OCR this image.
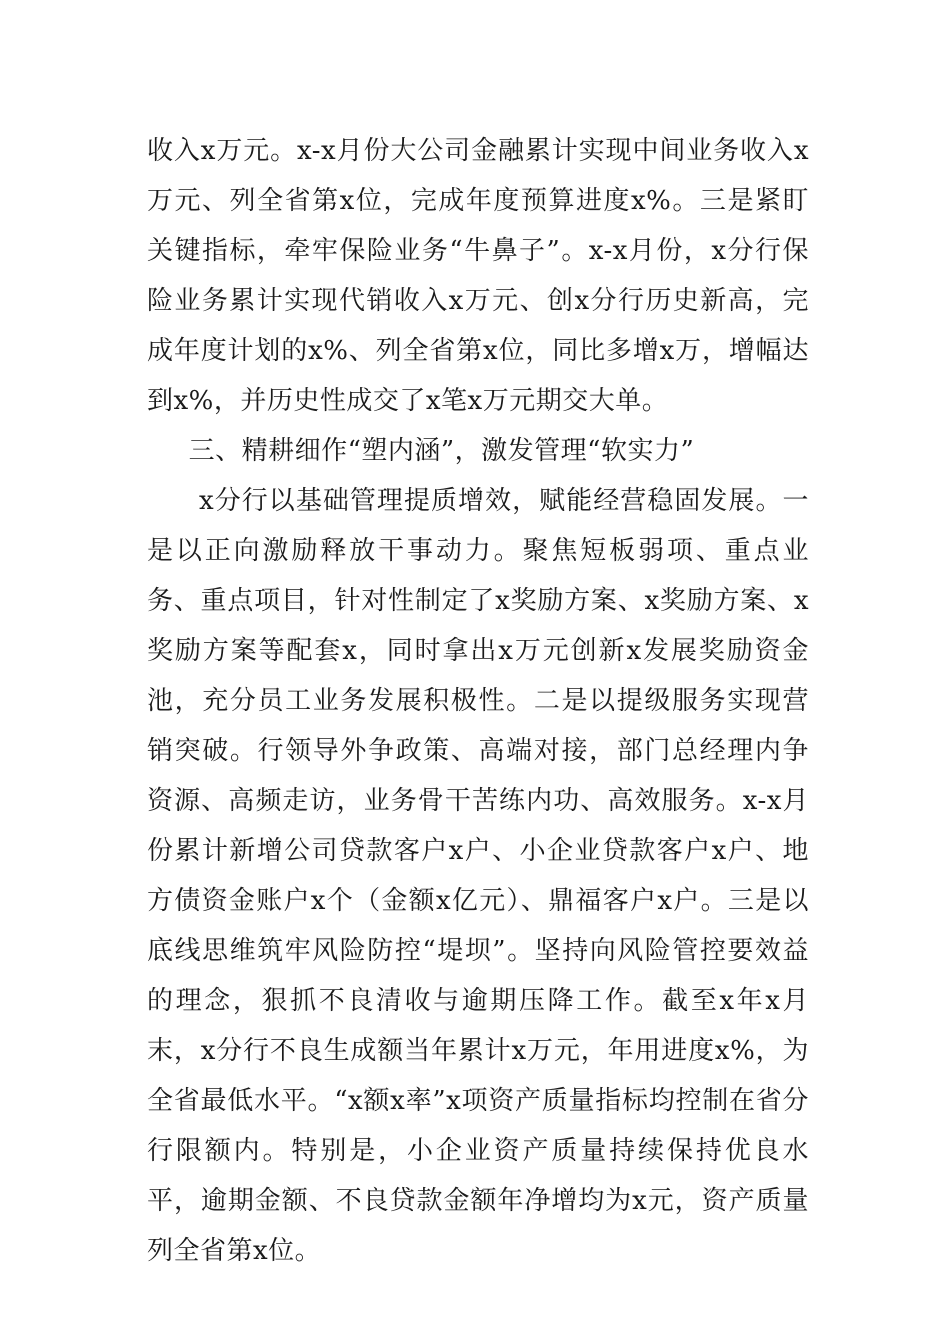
收入x万元。x-x月份大公司金融累计实现中间业务收入x万元、列全省第x位，完成年度预算进度x%。三是紧盯关键指标，牵牢保险业务“牛鼻子”。x-x月份，x分行保险业务累计实现代销收入x万元、创x分行历史新高，完成年度计划的x%、列全省第x位，同比多增x万，增幅达到x%，并历史性成交了x笔x万元期交大单。

三、精耕细作“塑内涵”，激发管理“软实力”

x分行以基础管理提质增效，赋能经营稳固发展。一是以正向激励释放干事动力。聚焦短板弱项、重点业务、重点项目，针对性制定了x奖励方案、x奖励方案、x奖励方案等配套x，同时拿出x万元创新x发展奖励资金池，充分员工业务发展积极性。二是以提级服务实现营销突破。行领导外争政策、高端对接，部门总经理内争资源、高频走访，业务骨干苦练内功、高效服务。x-x月份累计新增公司贷款客户x户、小企业贷款客户x户、地方债资金账户x个（金额x亿元）、鼎福客户x户。三是以底线思维筑牢风险防控“堤坝”。坚持向风险管控要效益的理念，狠抓不良清收与逾期压降工作。截至x年x月末，x分行不良生成额当年累计x万元，年用进度x%，为全省最低水平。“x额x率”x项资产质量指标均控制在省分行限额内。特别是，小企业资产质量持续保持优良水平，逾期金额、不良贷款金额年净增均为x元，资产质量列全省第x位。
